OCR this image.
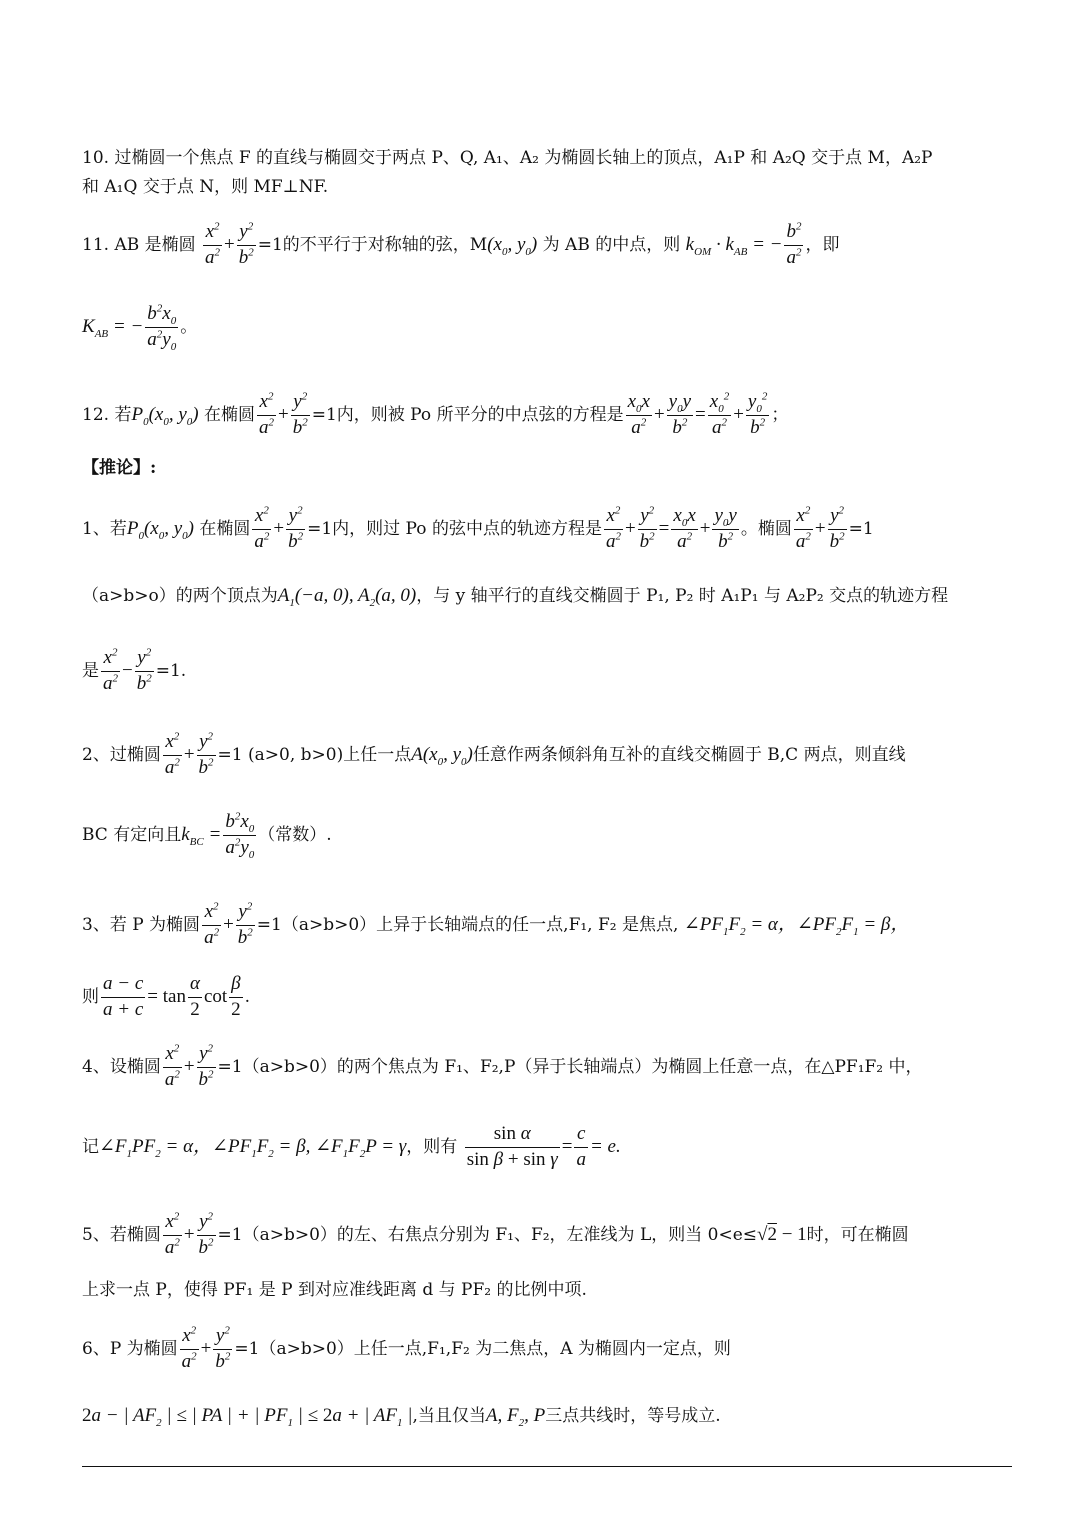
10. 过椭圆一个焦点 F 的直线与椭圆交于两点 P、Q, A₁、A₂ 为椭圆长轴上的顶点，A₁P 和 A₂Q 交于点 M，A₂P
和 A₁Q 交于点 N，则 MF⊥NF.
11. AB 是椭圆 $\frac{x^2}{a^2} + \frac{y^2}{b^2} =1$的不平行于对称轴的弦，$M(x_0$, $y_0$) 为 AB 的中点，则 $k_{OM} \cdot k_{AB}$ = − $\frac{b^2}{a^2}$ ，即
$K_{AB}$ = − $\frac{b^2x_0}{a^2y_0}$ 。
12. 若$P_0(x_0$, $y_0$) 在椭圆 $\frac{x^2}{a^2} + \frac{y^2}{b^2} =1$内，则被 Po 所平分的中点弦的方程是 $\frac{x_0x}{a^2} + \frac{y_0y}{b^2} = \frac{x_0^2}{a^2} + \frac{y_0^2}{b^2}$ ；
【推论】:
1、若$P_0(x_0$, $y_0$) 在椭圆 $\frac{x^2}{a^2} + \frac{y^2}{b^2} =1$内，则过 Po 的弦中点的轨迹方程是 $\frac{x^2}{a^2} + \frac{y^2}{b^2} = \frac{x_0x}{a^2} + \frac{y_0y}{b^2}$ 。椭圆 $\frac{x^2}{a^2} + \frac{y^2}{b^2} =1$
（a>b>o）的两个顶点为$A_1(-a$, 0), $A_2(a$, 0)，与 y 轴平行的直线交椭圆于 P₁, P₂ 时 A₁P₁ 与 A₂P₂ 交点的轨迹方程
是 $\frac{x^2}{a^2} - \frac{y^2}{b^2} =1$.
2、过椭圆 $\frac{x^2}{a^2} + \frac{y^2}{b^2} =1$ (a>0, b>0)上任一点$A(x_0$, $y_0$)任意作两条倾斜角互补的直线交椭圆于 B,C 两点，则直线
BC 有定向且$k_{BC} = \frac{b^2x_0}{a^2y_0}$ （常数）.
3、若 P 为椭圆 $\frac{x^2}{a^2} + \frac{y^2}{b^2} =1(a>b>0)$上异于长轴端点的任一点,F₁, F₂ 是焦点, $\angle PF_1F_2 = \alpha$，$\angle PF_2F_1 = \beta$，
则 $\frac{a - c}{a + c} = \tan \frac{\alpha}{2}$ $\cot \frac{\beta}{2}$ .
4、设椭圆 $\frac{x^2}{a^2} + \frac{y^2}{b^2} =1(a>b>0)$的两个焦点为 F₁、F₂,P（异于长轴端点）为椭圆上任意一点，在△PF₁F₂ 中，
记$\angle F_1PF_2 = \alpha$，$\angle PF_1F_2 = \beta$, $\angle F_1F_2P = \gamma$，则有 $\frac{\text{sin α}}{\text{sin β + sin γ}} = \frac{c}{a} = e$.
5、若椭圆 $\frac{x^2}{a^2} + \frac{y^2}{b^2} =1(a>b>0)$的左、右焦点分别为 F₁、F₂，左准线为 L，则当 0<e≤√2 − 1时，可在椭圆
上求一点 P，使得 PF₁ 是 P 到对应准线距离 d 与 PF₂ 的比例中项.
6、P 为椭圆 $\frac{x^2}{a^2} + \frac{y^2}{b^2} =1(a>b>0)$上任一点,F₁,F₂ 为二焦点，A 为椭圆内一定点，则
2a − | $AF_2$ | ≤ | PA | + | $PF_1$ | ≤ 2a + | $AF_1$ |,当且仅当A, $F_2$, P三点共线时，等号成立.
